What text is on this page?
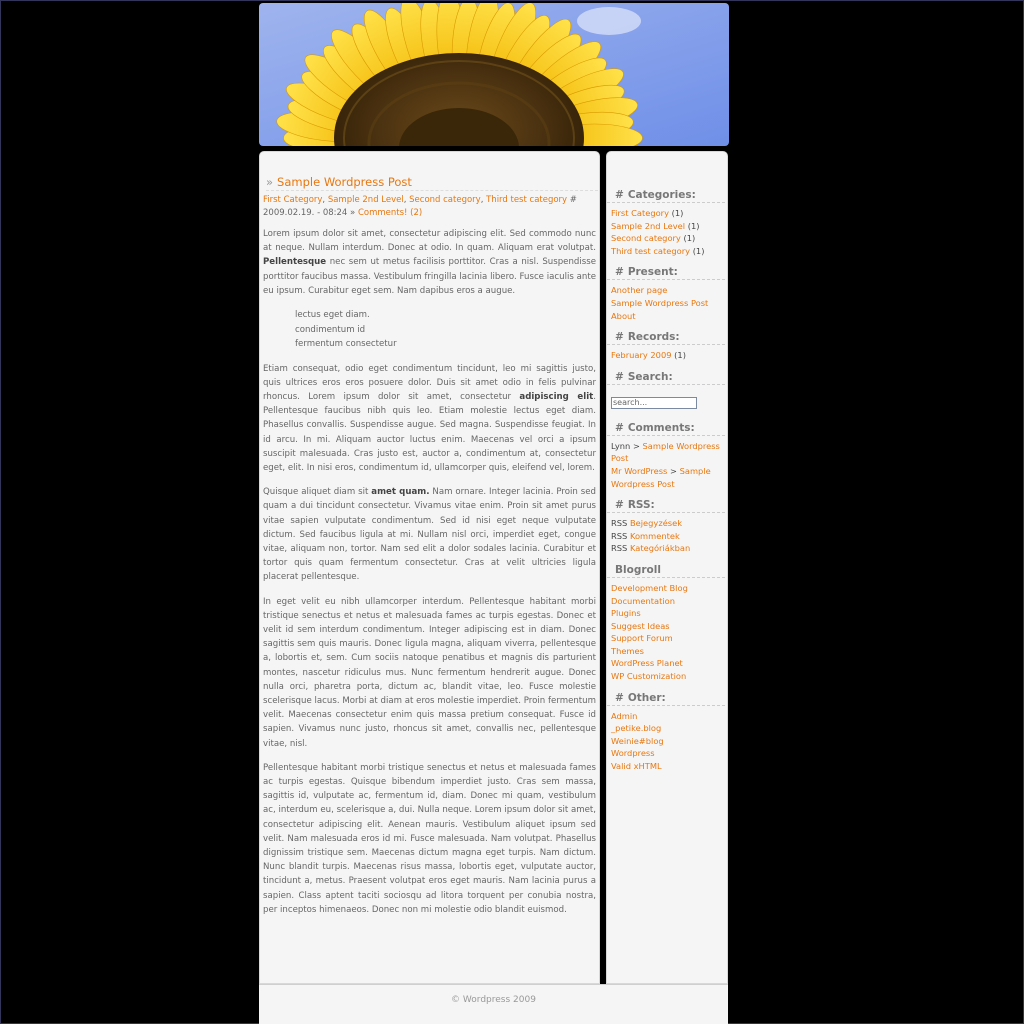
» Sample Wordpress Post
First Category, Sample 2nd Level, Second category, Third test category #
2009.02.19. - 08:24 » Comments! (2)

Lorem ipsum dolor sit amet, consectetur adipiscing elit. Sed commodo nunc at neque. Nullam interdum. Donec at odio. In quam. Aliquam erat volutpat. Pellentesque nec sem ut metus facilisis porttitor. Cras a nisl. Suspendisse porttitor faucibus massa. Vestibulum fringilla lacinia libero. Fusce iaculis ante eu ipsum. Curabitur eget sem. Nam dapibus eros a augue.

lectus eget diam.
condimentum id
fermentum consectetur

Etiam consequat, odio eget condimentum tincidunt, leo mi sagittis justo, quis ultrices eros eros posuere dolor. Duis sit amet odio in felis pulvinar rhoncus. Lorem ipsum dolor sit amet, consectetur adipiscing elit. Pellentesque faucibus nibh quis leo. Etiam molestie lectus eget diam. Phasellus convallis. Suspendisse augue. Sed magna. Suspendisse feugiat. In id arcu. In mi. Aliquam auctor luctus enim. Maecenas vel orci a ipsum suscipit malesuada. Cras justo est, auctor a, condimentum at, consectetur eget, elit. In nisi eros, condimentum id, ullamcorper quis, eleifend vel, lorem.

Quisque aliquet diam sit amet quam. Nam ornare. Integer lacinia. Proin sed quam a dui tincidunt consectetur. Vivamus vitae enim. Proin sit amet purus vitae sapien vulputate condimentum. Sed id nisi eget neque vulputate dictum. Sed faucibus ligula at mi. Nullam nisl orci, imperdiet eget, congue vitae, aliquam non, tortor. Nam sed elit a dolor sodales lacinia. Curabitur et tortor quis quam fermentum consectetur. Cras at velit ultricies ligula placerat pellentesque.

In eget velit eu nibh ullamcorper interdum. Pellentesque habitant morbi tristique senectus et netus et malesuada fames ac turpis egestas. Donec et velit id sem interdum condimentum. Integer adipiscing est in diam. Donec sagittis sem quis mauris. Donec ligula magna, aliquam viverra, pellentesque a, lobortis et, sem. Cum sociis natoque penatibus et magnis dis parturient montes, nascetur ridiculus mus. Nunc fermentum hendrerit augue. Donec nulla orci, pharetra porta, dictum ac, blandit vitae, leo. Fusce molestie scelerisque lacus. Morbi at diam at eros molestie imperdiet. Proin fermentum velit. Maecenas consectetur enim quis massa pretium consequat. Fusce id sapien. Vivamus nunc justo, rhoncus sit amet, convallis nec, pellentesque vitae, nisl.

Pellentesque habitant morbi tristique senectus et netus et malesuada fames ac turpis egestas. Quisque bibendum imperdiet justo. Cras sem massa, sagittis id, vulputate ac, fermentum id, diam. Donec mi quam, vestibulum ac, interdum eu, scelerisque a, dui. Nulla neque. Lorem ipsum dolor sit amet, consectetur adipiscing elit. Aenean mauris. Vestibulum aliquet ipsum sed velit. Nam malesuada eros id mi. Fusce malesuada. Nam volutpat. Phasellus dignissim tristique sem. Maecenas dictum magna eget turpis. Nam dictum. Nunc blandit turpis. Maecenas risus massa, lobortis eget, vulputate auctor, tincidunt a, metus. Praesent volutpat eros eget mauris. Nam lacinia purus a sapien. Class aptent taciti sociosqu ad litora torquent per conubia nostra, per inceptos himenaeos. Donec non mi molestie odio blandit euismod.

# Categories:
First Category (1)
Sample 2nd Level (1)
Second category (1)
Third test category (1)
# Present:
Another page
Sample Wordpress Post
About
# Records:
February 2009 (1)
# Search:
search...
# Comments:
Lynn > Sample Wordpress Post
Mr WordPress > Sample Wordpress Post
# RSS:
RSS Bejegyzések
RSS Kommentek
RSS Kategóriákban
Blogroll
Development Blog
Documentation
Plugins
Suggest Ideas
Support Forum
Themes
WordPress Planet
WP Customization
# Other:
Admin
_petike.blog
Weinie#blog
Wordpress
Valid xHTML
© Wordpress 2009
